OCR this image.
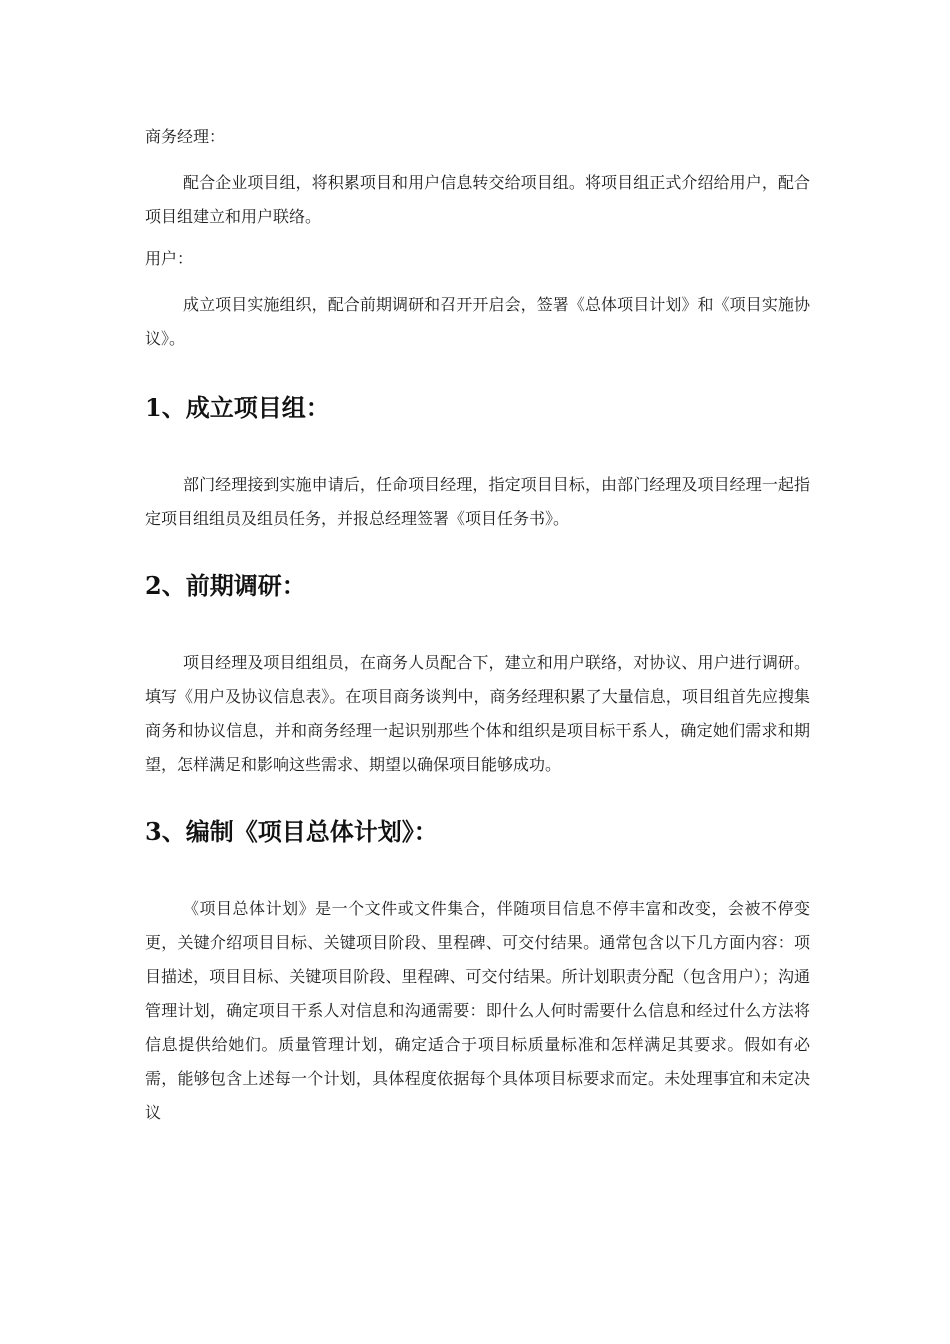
商务经理：

配合企业项目组，将积累项目和用户信息转交给项目组。将项目组正式介绍给用户，配合项目组建立和用户联络。

用户：

成立项目实施组织，配合前期调研和召开开启会，签署《总体项目计划》和《项目实施协议》。

1、成立项目组：

部门经理接到实施申请后，任命项目经理，指定项目目标，由部门经理及项目经理一起指定项目组组员及组员任务，并报总经理签署《项目任务书》。

2、前期调研：

项目经理及项目组组员，在商务人员配合下，建立和用户联络，对协议、用户进行调研。填写《用户及协议信息表》。在项目商务谈判中，商务经理积累了大量信息，项目组首先应搜集商务和协议信息，并和商务经理一起识别那些个体和组织是项目标干系人，确定她们需求和期望，怎样满足和影响这些需求、期望以确保项目能够成功。

3、编制《项目总体计划》：

《项目总体计划》是一个文件或文件集合，伴随项目信息不停丰富和改变，会被不停变更，关键介绍项目目标、关键项目阶段、里程碑、可交付结果。通常包含以下几方面内容：项目描述，项目目标、关键项目阶段、里程碑、可交付结果。所计划职责分配（包含用户）；沟通管理计划，确定项目干系人对信息和沟通需要：即什么人何时需要什么信息和经过什么方法将信息提供给她们。质量管理计划，确定适合于项目标质量标准和怎样满足其要求。假如有必需，能够包含上述每一个计划，具体程度依据每个具体项目标要求而定。未处理事宜和未定决议
